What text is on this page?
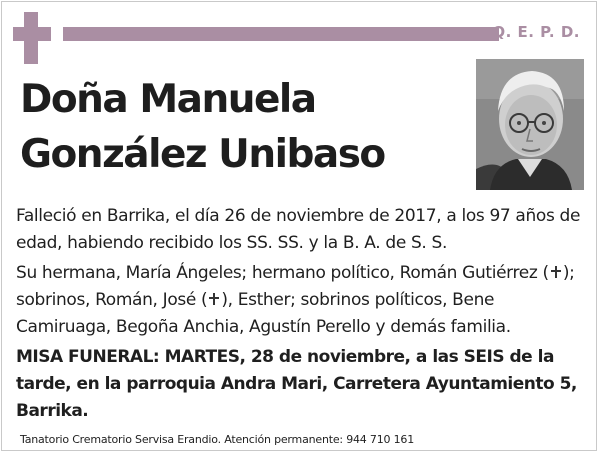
Q. E. P. D.
Doña Manuela
González Unibaso

Falleció en Barrika, el día 26 de noviembre de 2017, a los 97 años de edad, habiendo recibido los SS. SS. y la B. A. de S. S.

Su hermana, María Ángeles; hermano político, Román Gutiérrez ( ); sobrinos, Román, José ( ), Esther; sobrinos políticos, Bene Camiruaga, Begoña Anchia, Agustín Perello y demás familia.

MISA FUNERAL: MARTES, 28 de noviembre, a las SEIS de la tarde, en la parroquia Andra Mari, Carretera Ayuntamiento 5, Barrika.

Tanatorio Crematorio Servisa Erandio. Atención permanente: 944 710 161
